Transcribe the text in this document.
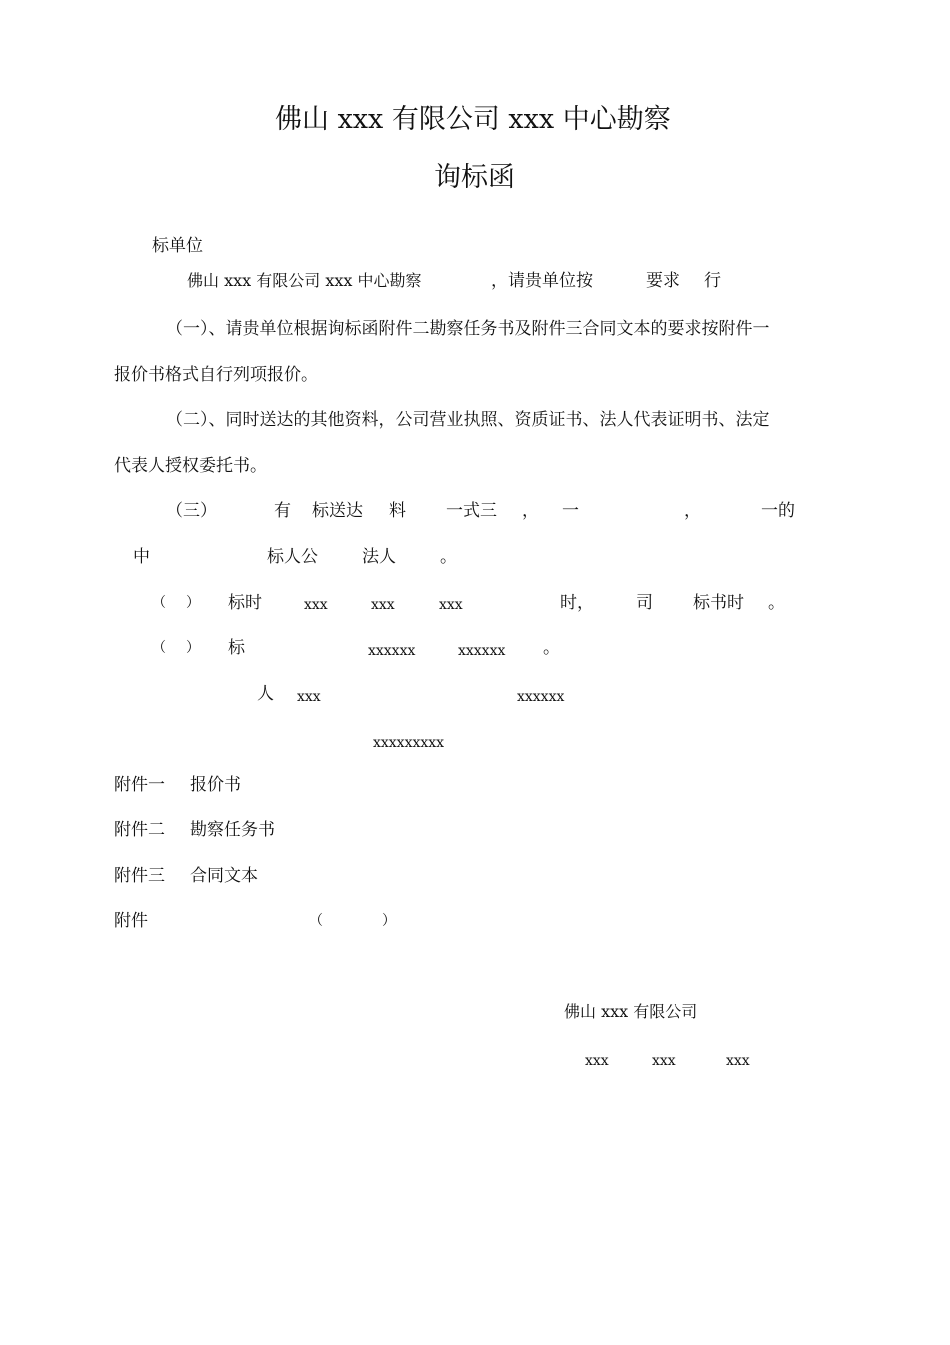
佛山 xxx 有限公司 xxx 中心勘察
询标函
标单位
佛山 xxx 有限公司 xxx 中心勘察	，请贵单位按	要求 行
（一）、请贵单位根据询标函附件二勘察任务书及附件三合同文本的要求按附件一
报价书格式自行列项报价。
（二）、同时送达的其他资料，公司营业执照、资质证书、法人代表证明书、法定
代表人授权委托书。
（三）	有 标送达 料 一式三 ， 一	，	一的
中	标人公	法人	。
（ ） 标时	xxx	xxx	xxx	时， 司 标书时 。
（ ） 标	xxxxxx	xxxxxx 。
人 xxx	xxxxxx
xxxxxxxxx
附件一 报价书
附件二 勘察任务书
附件三 合同文本
附件	（	）
佛山 xxx 有限公司
xxx	xxx	xxx
